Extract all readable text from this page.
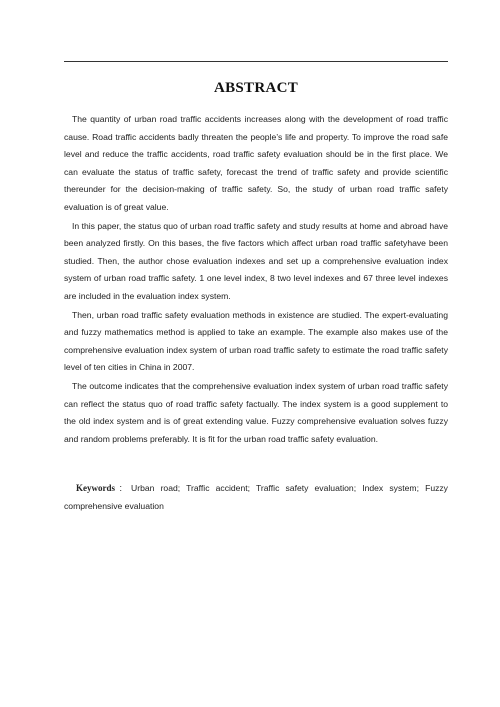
ABSTRACT

The quantity of urban road traffic accidents increases along with the development of road traffic cause. Road traffic accidents badly threaten the people’s life and property. To improve the road safe level and reduce the traffic accidents, road traffic safety evaluation should be in the first place. We can evaluate the status of traffic safety, forecast the trend of traffic safety and provide scientific thereunder for the decision-making of traffic safety. So, the study of urban road traffic safety evaluation is of great value.

In this paper, the status quo of urban road traffic safety and study results at home and abroad have been analyzed firstly. On this bases, the five factors which affect urban road traffic safetyhave been studied. Then, the author chose evaluation indexes and set up a comprehensive evaluation index system of urban road traffic safety. 1 one level index, 8 two level indexes and 67 three level indexes are included in the evaluation index system.

Then, urban road traffic safety evaluation methods in existence are studied. The expert-evaluating and fuzzy mathematics method is applied to take an example. The example also makes use of the comprehensive evaluation index system of urban road traffic safety to estimate the road traffic safety level of ten cities in China in 2007.

The outcome indicates that the comprehensive evaluation index system of urban road traffic safety can reflect the status quo of road traffic safety factually. The index system is a good supplement to the old index system and is of great extending value. Fuzzy comprehensive evaluation solves fuzzy and random problems preferably. It is fit for the urban road traffic safety evaluation.

Keywords：Urban road; Traffic accident; Traffic safety evaluation; Index system; Fuzzy comprehensive evaluation
